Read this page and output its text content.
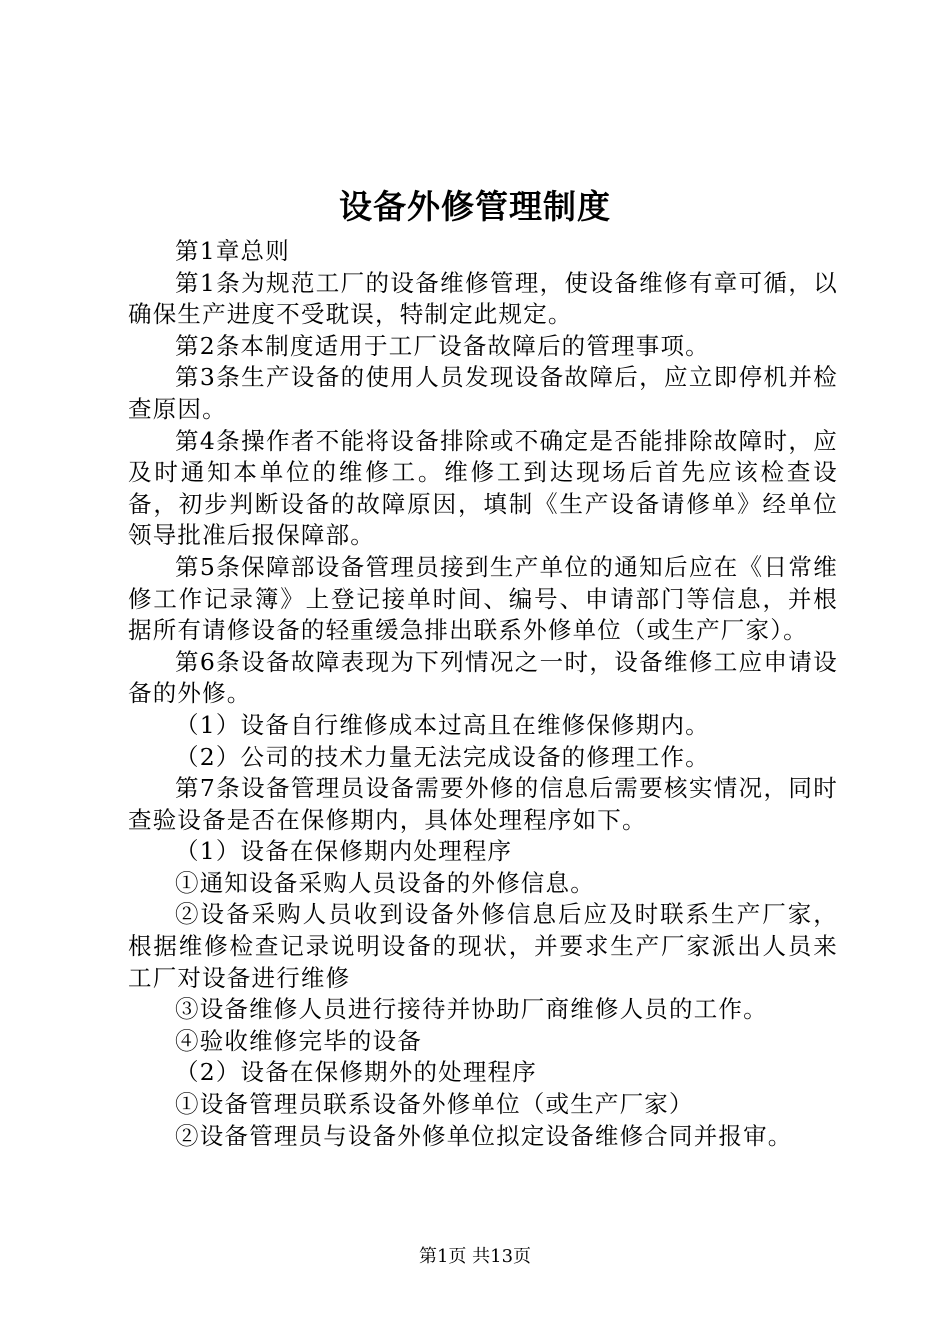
设备外修管理制度

第1章总则

第1条为规范工厂的设备维修管理，使设备维修有章可循，以确保生产进度不受耽误，特制定此规定。

第2条本制度适用于工厂设备故障后的管理事项。

第3条生产设备的使用人员发现设备故障后，应立即停机并检查原因。

第4条操作者不能将设备排除或不确定是否能排除故障时，应及时通知本单位的维修工。维修工到达现场后首先应该检查设备，初步判断设备的故障原因，填制《生产设备请修单》经单位领导批准后报保障部。

第5条保障部设备管理员接到生产单位的通知后应在《日常维修工作记录簿》上登记接单时间、编号、申请部门等信息，并根据所有请修设备的轻重缓急排出联系外修单位（或生产厂家）。

第6条设备故障表现为下列情况之一时，设备维修工应申请设备的外修。

（1）设备自行维修成本过高且在维修保修期内。

（2）公司的技术力量无法完成设备的修理工作。

第7条设备管理员设备需要外修的信息后需要核实情况，同时查验设备是否在保修期内，具体处理程序如下。

（1）设备在保修期内处理程序

①通知设备采购人员设备的外修信息。

②设备采购人员收到设备外修信息后应及时联系生产厂家，根据维修检查记录说明设备的现状，并要求生产厂家派出人员来工厂对设备进行维修

③设备维修人员进行接待并协助厂商维修人员的工作。

④验收维修完毕的设备

（2）设备在保修期外的处理程序

①设备管理员联系设备外修单位（或生产厂家）

②设备管理员与设备外修单位拟定设备维修合同并报审。

第1页 共13页
